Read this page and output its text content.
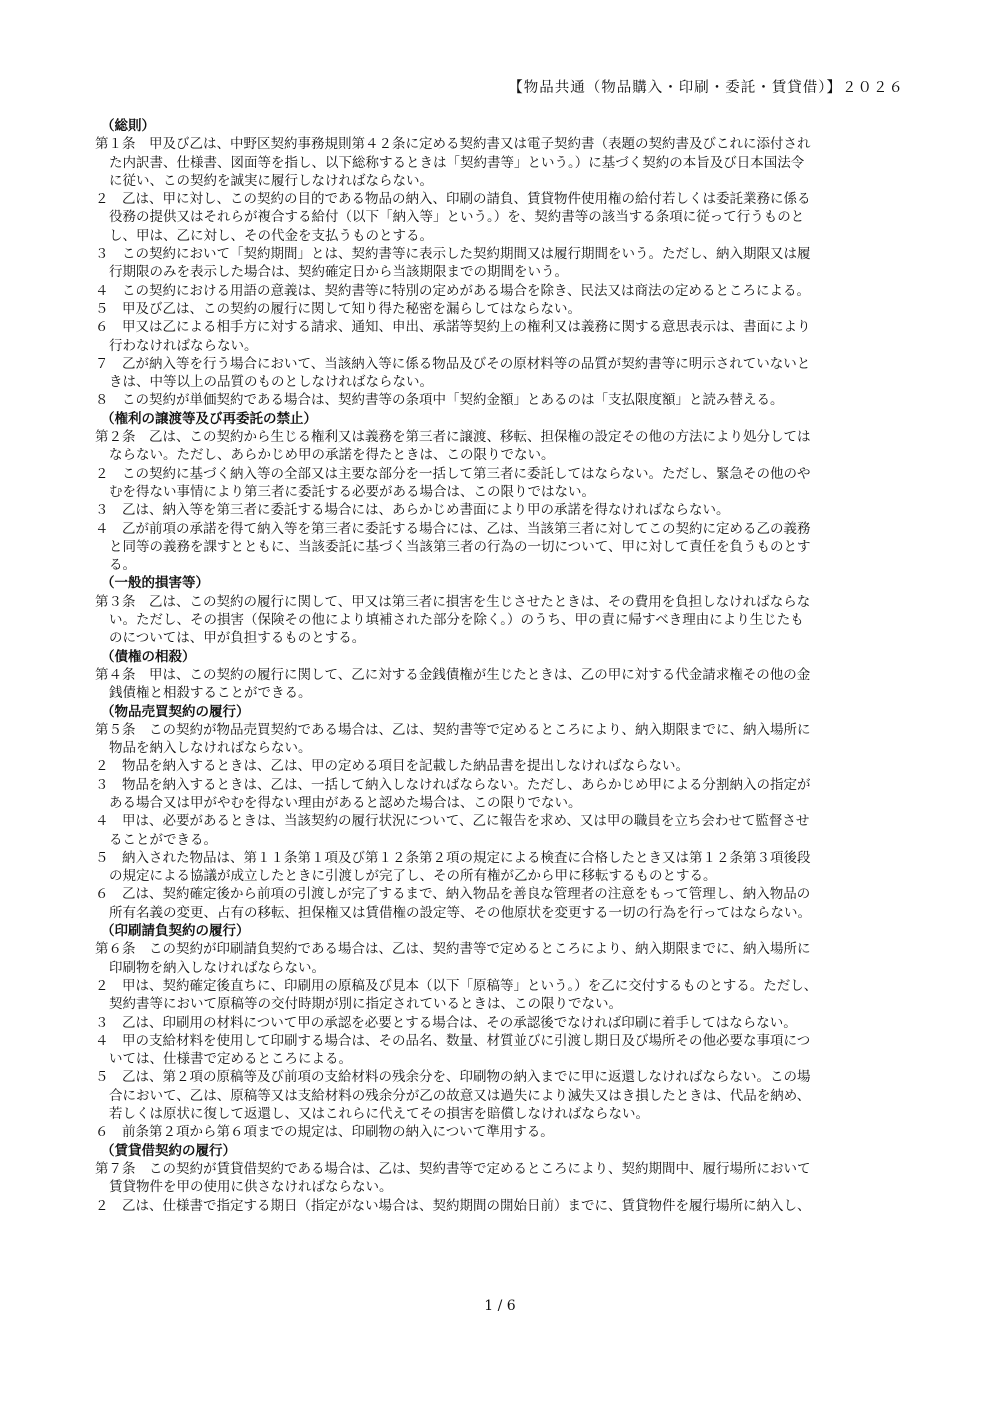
【物品共通（物品購入・印刷・委託・賃貸借）】２０２６
（総則）
第１条　甲及び乙は、中野区契約事務規則第４２条に定める契約書又は電子契約書（表題の契約書及びこれに添付され
た内訳書、仕様書、図面等を指し、以下総称するときは「契約書等」という。）に基づく契約の本旨及び日本国法令
に従い、この契約を誠実に履行しなければならない。
２　乙は、甲に対し、この契約の目的である物品の納入、印刷の請負、賃貸物件使用権の給付若しくは委託業務に係る
役務の提供又はそれらが複合する給付（以下「納入等」という。）を、契約書等の該当する条項に従って行うものと
し、甲は、乙に対し、その代金を支払うものとする。
３　この契約において「契約期間」とは、契約書等に表示した契約期間又は履行期間をいう。ただし、納入期限又は履
行期限のみを表示した場合は、契約確定日から当該期限までの期間をいう。
４　この契約における用語の意義は、契約書等に特別の定めがある場合を除き、民法又は商法の定めるところによる。
５　甲及び乙は、この契約の履行に関して知り得た秘密を漏らしてはならない。
６　甲又は乙による相手方に対する請求、通知、申出、承諾等契約上の権利又は義務に関する意思表示は、書面により
行わなければならない。
７　乙が納入等を行う場合において、当該納入等に係る物品及びその原材料等の品質が契約書等に明示されていないと
きは、中等以上の品質のものとしなければならない。
８　この契約が単価契約である場合は、契約書等の条項中「契約金額」とあるのは「支払限度額」と読み替える。
（権利の譲渡等及び再委託の禁止）
第２条　乙は、この契約から生じる権利又は義務を第三者に譲渡、移転、担保権の設定その他の方法により処分しては
ならない。ただし、あらかじめ甲の承諾を得たときは、この限りでない。
２　この契約に基づく納入等の全部又は主要な部分を一括して第三者に委託してはならない。ただし、緊急その他のや
むを得ない事情により第三者に委託する必要がある場合は、この限りではない。
３　乙は、納入等を第三者に委託する場合には、あらかじめ書面により甲の承諾を得なければならない。
４　乙が前項の承諾を得て納入等を第三者に委託する場合には、乙は、当該第三者に対してこの契約に定める乙の義務
と同等の義務を課すとともに、当該委託に基づく当該第三者の行為の一切について、甲に対して責任を負うものとす
る。
（一般的損害等）
第３条　乙は、この契約の履行に関して、甲又は第三者に損害を生じさせたときは、その費用を負担しなければならな
い。ただし、その損害（保険その他により填補された部分を除く。）のうち、甲の責に帰すべき理由により生じたも
のについては、甲が負担するものとする。
（債権の相殺）
第４条　甲は、この契約の履行に関して、乙に対する金銭債権が生じたときは、乙の甲に対する代金請求権その他の金
銭債権と相殺することができる。
（物品売買契約の履行）
第５条　この契約が物品売買契約である場合は、乙は、契約書等で定めるところにより、納入期限までに、納入場所に
物品を納入しなければならない。
２　物品を納入するときは、乙は、甲の定める項目を記載した納品書を提出しなければならない。
３　物品を納入するときは、乙は、一括して納入しなければならない。ただし、あらかじめ甲による分割納入の指定が
ある場合又は甲がやむを得ない理由があると認めた場合は、この限りでない。
４　甲は、必要があるときは、当該契約の履行状況について、乙に報告を求め、又は甲の職員を立ち会わせて監督させ
ることができる。
５　納入された物品は、第１１条第１項及び第１２条第２項の規定による検査に合格したとき又は第１２条第３項後段
の規定による協議が成立したときに引渡しが完了し、その所有権が乙から甲に移転するものとする。
６　乙は、契約確定後から前項の引渡しが完了するまで、納入物品を善良な管理者の注意をもって管理し、納入物品の
所有名義の変更、占有の移転、担保権又は賃借権の設定等、その他原状を変更する一切の行為を行ってはならない。
（印刷請負契約の履行）
第６条　この契約が印刷請負契約である場合は、乙は、契約書等で定めるところにより、納入期限までに、納入場所に
印刷物を納入しなければならない。
２　甲は、契約確定後直ちに、印刷用の原稿及び見本（以下「原稿等」という。）を乙に交付するものとする。ただし、
契約書等において原稿等の交付時期が別に指定されているときは、この限りでない。
３　乙は、印刷用の材料について甲の承認を必要とする場合は、その承認後でなければ印刷に着手してはならない。
４　甲の支給材料を使用して印刷する場合は、その品名、数量、材質並びに引渡し期日及び場所その他必要な事項につ
いては、仕様書で定めるところによる。
５　乙は、第２項の原稿等及び前項の支給材料の残余分を、印刷物の納入までに甲に返還しなければならない。この場
合において、乙は、原稿等又は支給材料の残余分が乙の故意又は過失により滅失又はき損したときは、代品を納め、
若しくは原状に復して返還し、又はこれらに代えてその損害を賠償しなければならない。
６　前条第２項から第６項までの規定は、印刷物の納入について準用する。
（賃貸借契約の履行）
第７条　この契約が賃貸借契約である場合は、乙は、契約書等で定めるところにより、契約期間中、履行場所において
賃貸物件を甲の使用に供さなければならない。
２　乙は、仕様書で指定する期日（指定がない場合は、契約期間の開始日前）までに、賃貸物件を履行場所に納入し、
1 / 6
